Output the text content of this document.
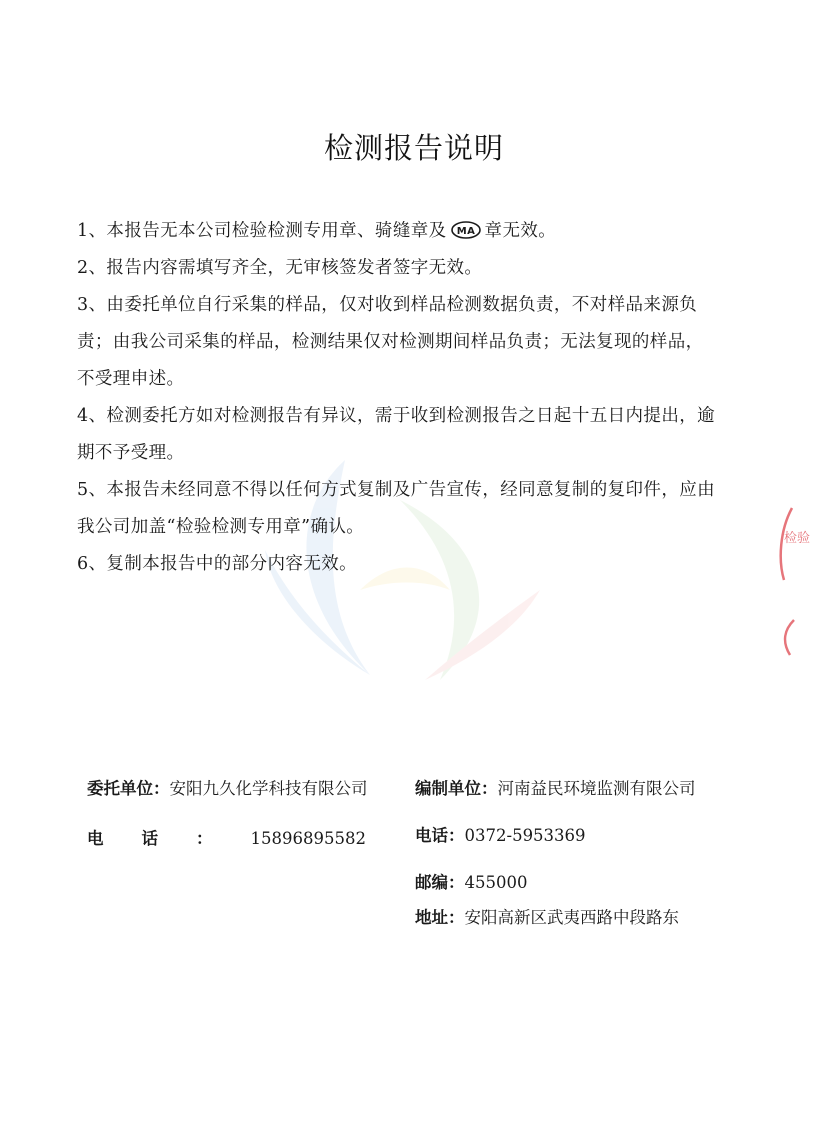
检验
检测报告说明
1、本报告无本公司检验检测专用章、骑缝章及 MA 章无效。
2、报告内容需填写齐全，无审核签发者签字无效。
3、由委托单位自行采集的样品，仅对收到样品检测数据负责，不对样品来源负责；由我公司采集的样品，检测结果仅对检测期间样品负责；无法复现的样品，不受理申述。
4、检测委托方如对检测报告有异议，需于收到检测报告之日起十五日内提出，逾期不予受理。
5、本报告未经同意不得以任何方式复制及广告宣传，经同意复制的复印件，应由我公司加盖“检验检测专用章”确认。
6、复制本报告中的部分内容无效。
委托单位：安阳九久化学科技有限公司	编制单位：河南益民环境监测有限公司
电话：15896895582	电话：0372-5953369
邮编：455000
地址：安阳高新区武夷西路中段路东
